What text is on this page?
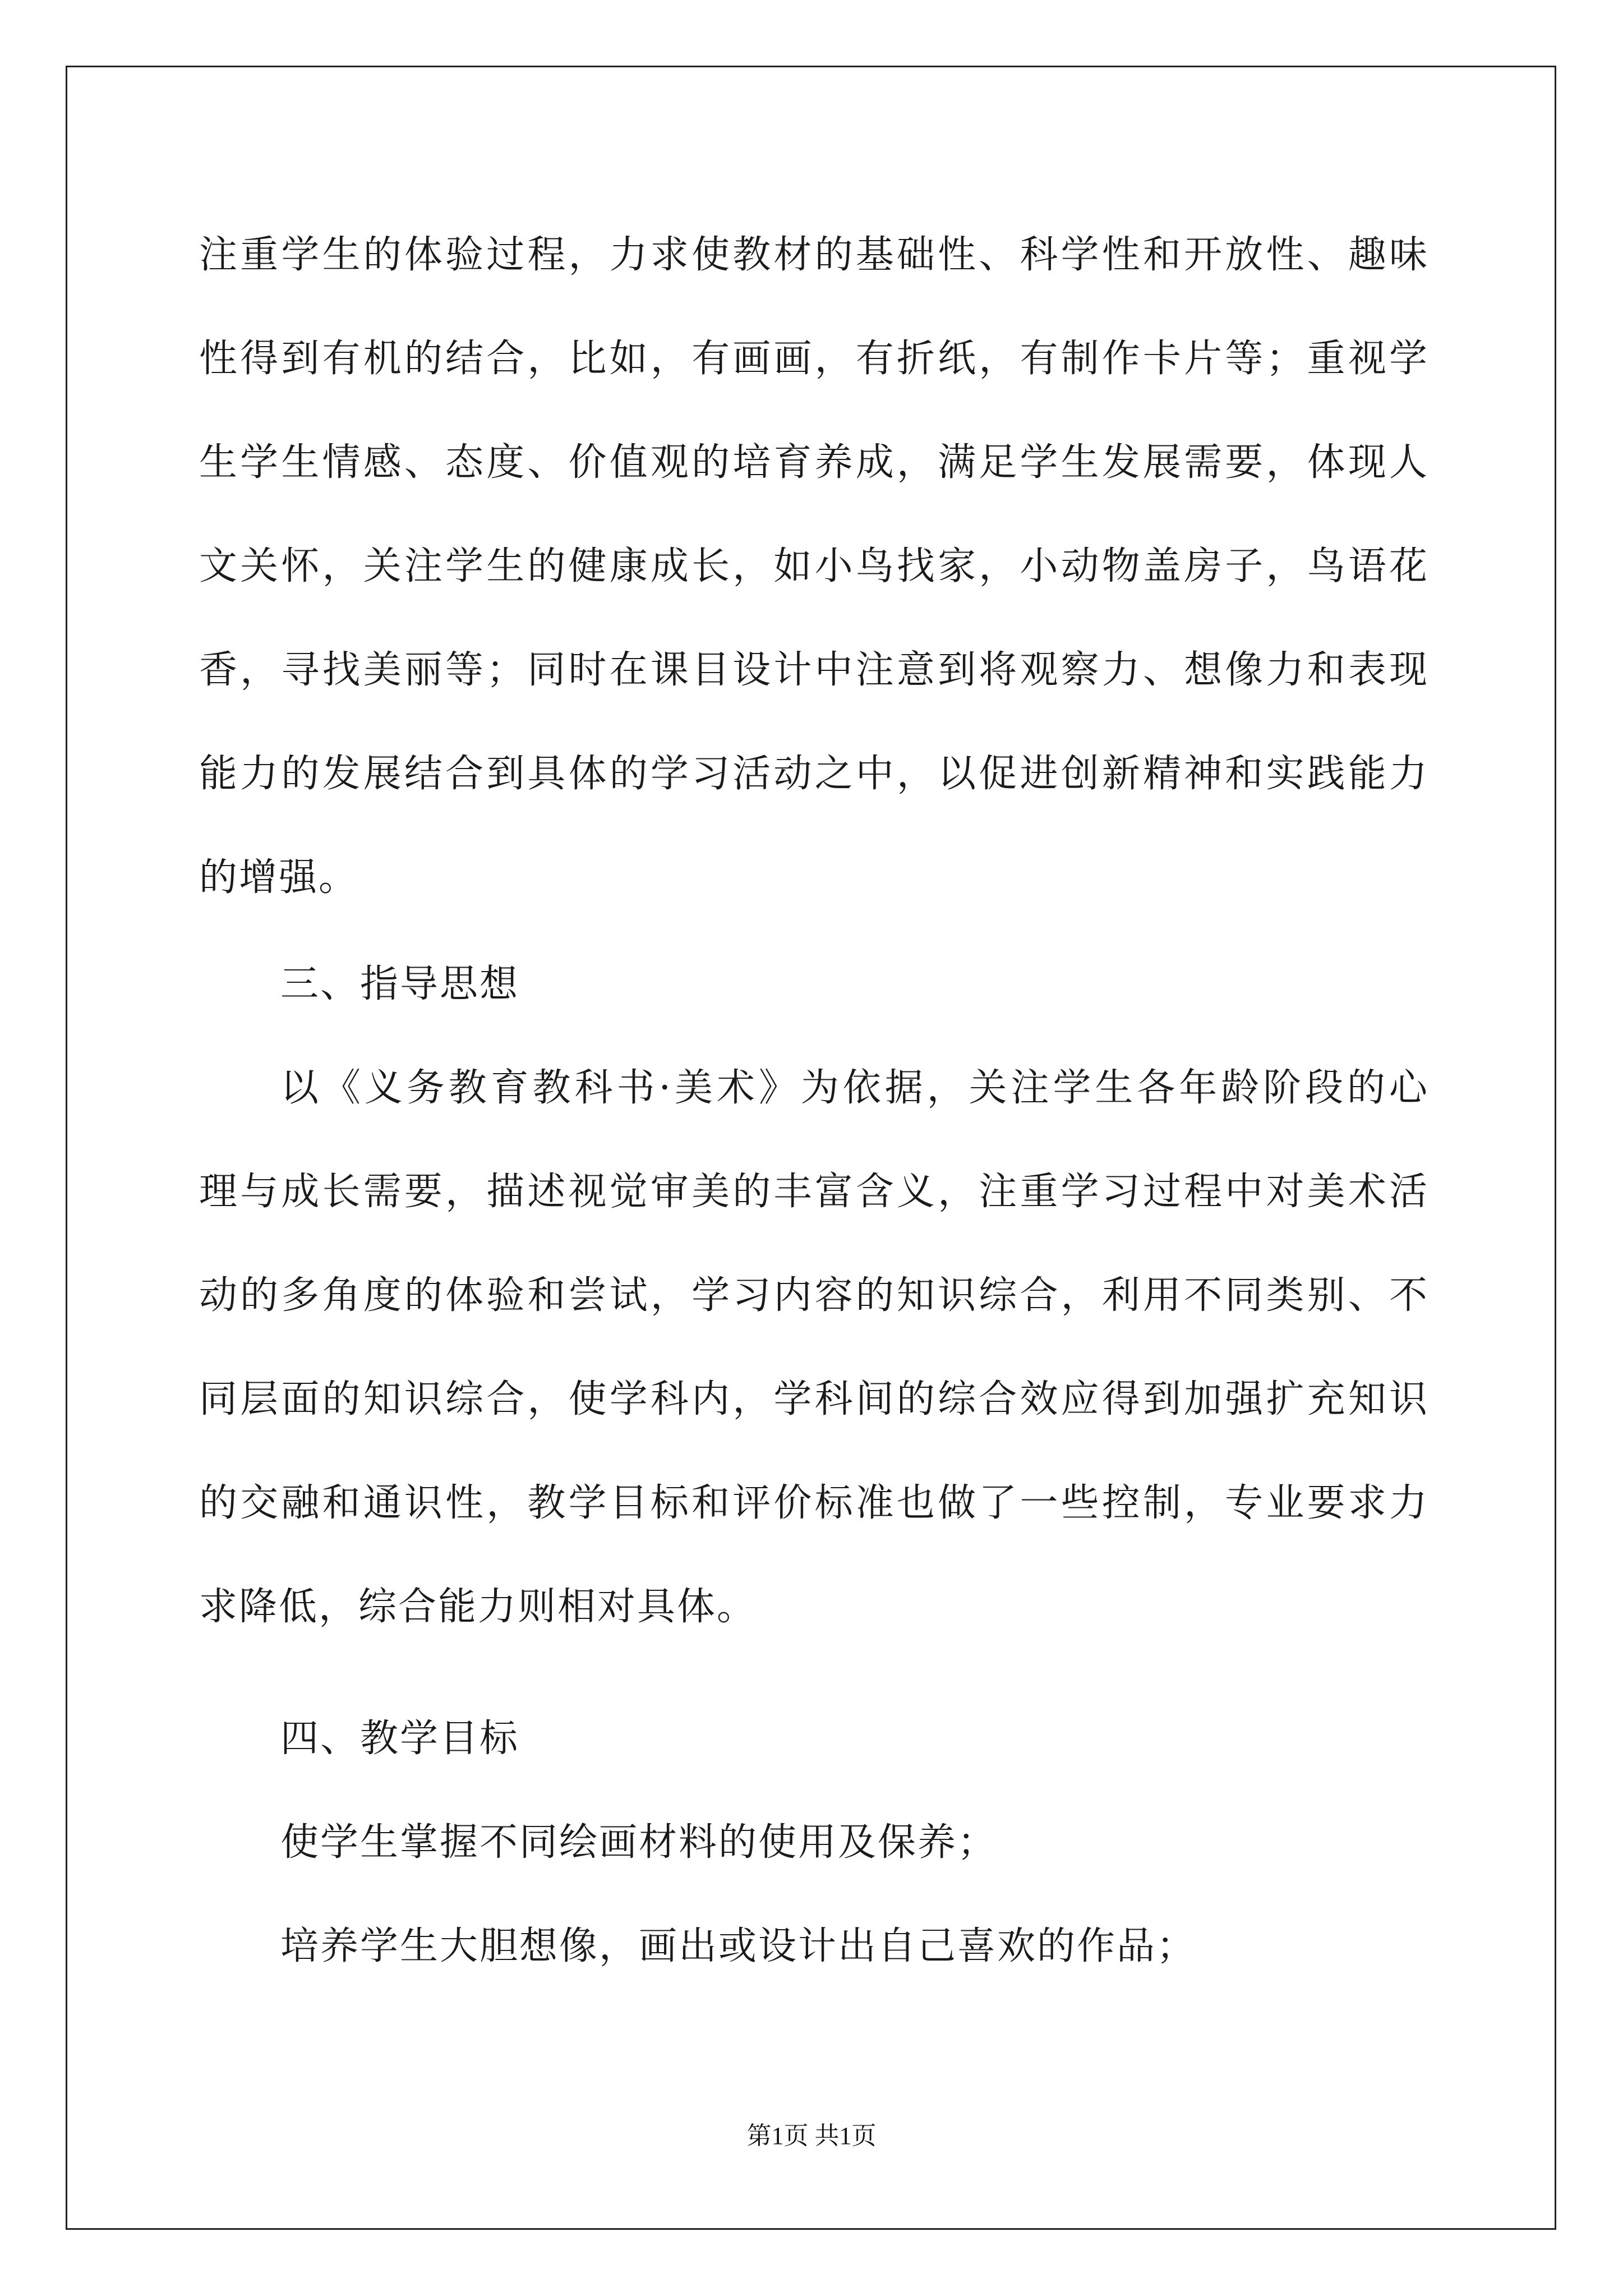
注重学生的体验过程，力求使教材的基础性、科学性和开放性、趣味
性得到有机的结合，比如，有画画，有折纸，有制作卡片等；重视学
生学生情感、态度、价值观的培育养成，满足学生发展需要，体现人
文关怀，关注学生的健康成长，如小鸟找家，小动物盖房子，鸟语花
香，寻找美丽等；同时在课目设计中注意到将观察力、想像力和表现
能力的发展结合到具体的学习活动之中，以促进创新精神和实践能力
的增强。
三、指导思想
以《义务教育教科书·美术》为依据，关注学生各年龄阶段的心
理与成长需要，描述视觉审美的丰富含义，注重学习过程中对美术活
动的多角度的体验和尝试，学习内容的知识综合，利用不同类别、不
同层面的知识综合，使学科内，学科间的综合效应得到加强扩充知识
的交融和通识性，教学目标和评价标准也做了一些控制，专业要求力
求降低，综合能力则相对具体。
四、教学目标
使学生掌握不同绘画材料的使用及保养；
培养学生大胆想像，画出或设计出自己喜欢的作品；
第1页 共1页
